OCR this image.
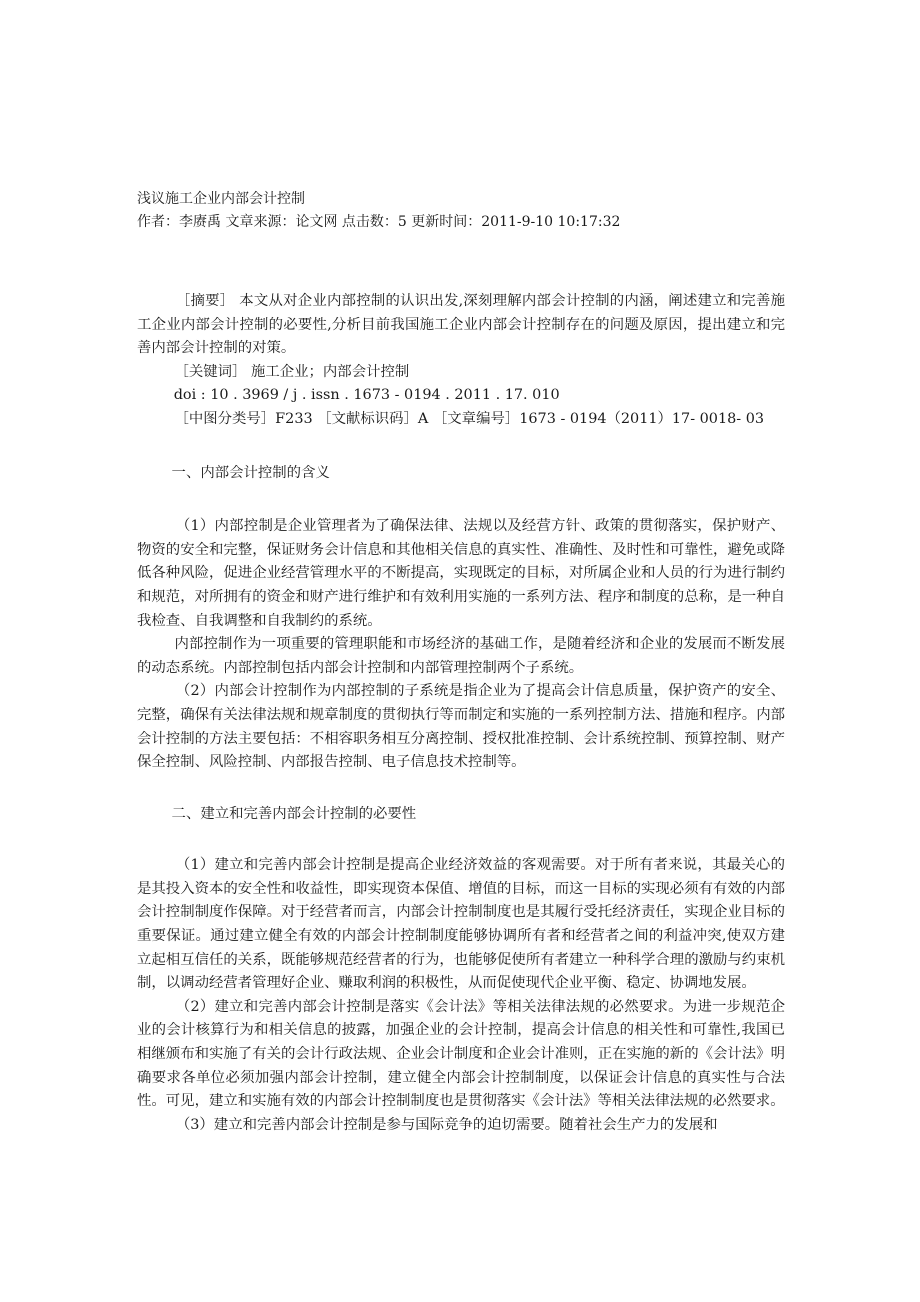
浅议施工企业内部会计控制

作者：李赓禹 文章来源：论文网 点击数：5 更新时间：2011-9-10 10:17:32

［摘要］ 本文从对企业内部控制的认识出发,深刻理解内部会计控制的内涵，阐述建立和完善施工企业内部会计控制的必要性,分析目前我国施工企业内部会计控制存在的问题及原因，提出建立和完善内部会计控制的对策。

［关键词］ 施工企业；内部会计控制

doi : 10 . 3969 / j . issn . 1673 - 0194 . 2011 . 17. 010

［中图分类号］F233 ［文献标识码］A ［文章编号］1673 - 0194（2011）17- 0018- 03

一、内部会计控制的含义

（1）内部控制是企业管理者为了确保法律、法规以及经营方针、政策的贯彻落实，保护财产、物资的安全和完整，保证财务会计信息和其他相关信息的真实性、准确性、及时性和可靠性，避免或降低各种风险，促进企业经营管理水平的不断提高，实现既定的目标，对所属企业和人员的行为进行制约和规范，对所拥有的资金和财产进行维护和有效利用实施的一系列方法、程序和制度的总称，是一种自我检查、自我调整和自我制约的系统。

内部控制作为一项重要的管理职能和市场经济的基础工作，是随着经济和企业的发展而不断发展的动态系统。内部控制包括内部会计控制和内部管理控制两个子系统。

（2）内部会计控制作为内部控制的子系统是指企业为了提高会计信息质量，保护资产的安全、完整，确保有关法律法规和规章制度的贯彻执行等而制定和实施的一系列控制方法、措施和程序。内部会计控制的方法主要包括：不相容职务相互分离控制、授权批准控制、会计系统控制、预算控制、财产保全控制、风险控制、内部报告控制、电子信息技术控制等。

二、建立和完善内部会计控制的必要性

（1）建立和完善内部会计控制是提高企业经济效益的客观需要。对于所有者来说，其最关心的是其投入资本的安全性和收益性，即实现资本保值、增值的目标，而这一目标的实现必须有有效的内部会计控制制度作保障。对于经营者而言，内部会计控制制度也是其履行受托经济责任，实现企业目标的重要保证。通过建立健全有效的内部会计控制制度能够协调所有者和经营者之间的利益冲突,使双方建立起相互信任的关系，既能够规范经营者的行为，也能够促使所有者建立一种科学合理的激励与约束机制，以调动经营者管理好企业、赚取利润的积极性，从而促使现代企业平衡、稳定、协调地发展。

（2）建立和完善内部会计控制是落实《会计法》等相关法律法规的必然要求。为进一步规范企业的会计核算行为和相关信息的披露，加强企业的会计控制，提高会计信息的相关性和可靠性,我国已相继颁布和实施了有关的会计行政法规、企业会计制度和企业会计准则，正在实施的新的《会计法》明确要求各单位必须加强内部会计控制，建立健全内部会计控制制度，以保证会计信息的真实性与合法性。可见，建立和实施有效的内部会计控制制度也是贯彻落实《会计法》等相关法律法规的必然要求。

（3）建立和完善内部会计控制是参与国际竞争的迫切需要。随着社会生产力的发展和
